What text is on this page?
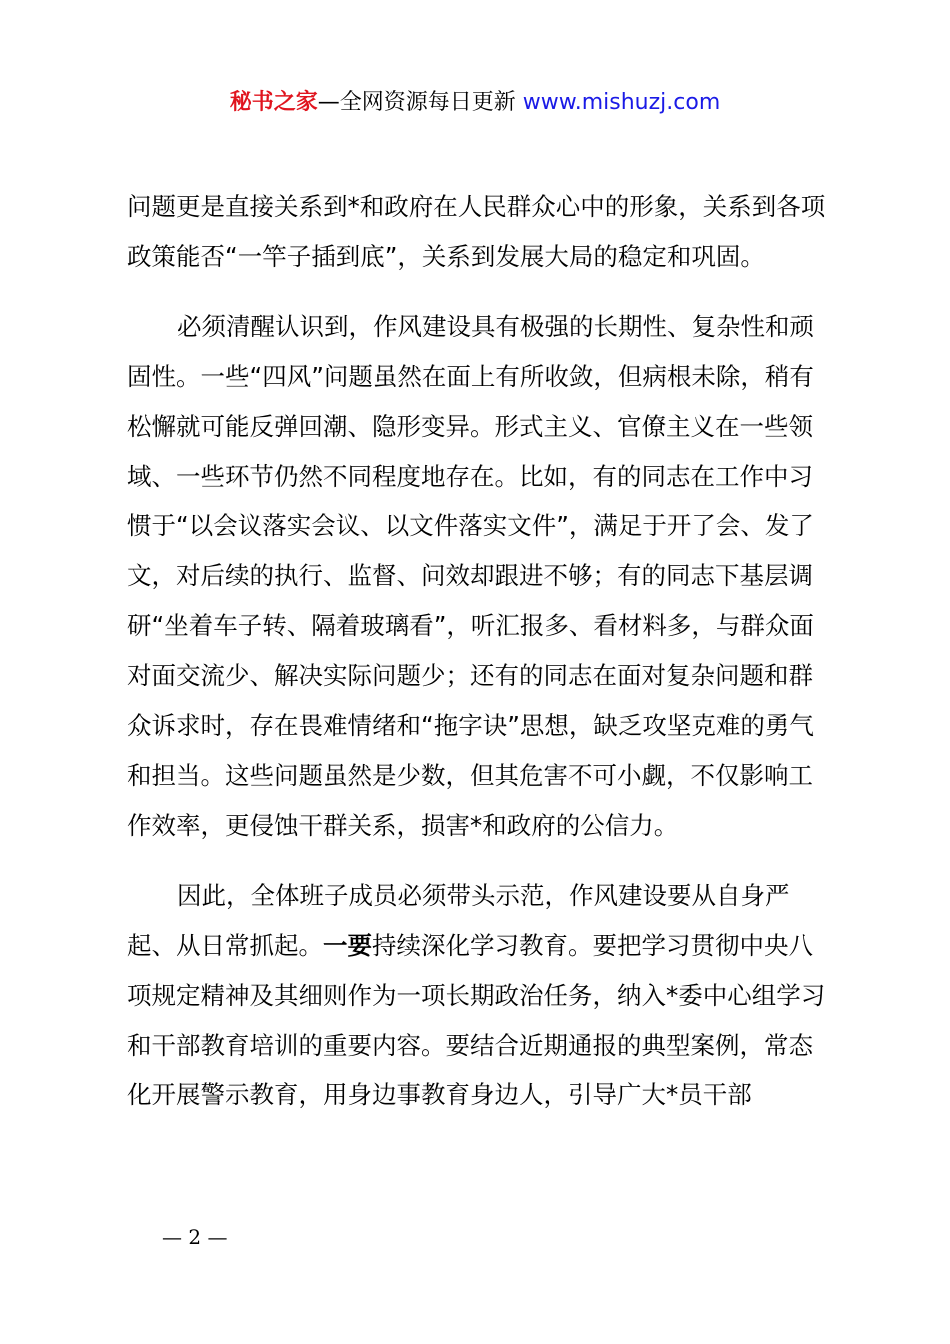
秘书之家—全网资源每日更新 www.mishuzj.com

问题更是直接关系到*和政府在人民群众心中的形象，关系到各项政策能否“一竿子插到底”，关系到发展大局的稳定和巩固。

必须清醒认识到，作风建设具有极强的长期性、复杂性和顽固性。一些“四风”问题虽然在面上有所收敛，但病根未除，稍有松懈就可能反弹回潮、隐形变异。形式主义、官僚主义在一些领域、一些环节仍然不同程度地存在。比如，有的同志在工作中习惯于“以会议落实会议、以文件落实文件”，满足于开了会、发了文，对后续的执行、监督、问效却跟进不够；有的同志下基层调研“坐着车子转、隔着玻璃看”，听汇报多、看材料多，与群众面对面交流少、解决实际问题少；还有的同志在面对复杂问题和群众诉求时，存在畏难情绪和“拖字诀”思想，缺乏攻坚克难的勇气和担当。这些问题虽然是少数，但其危害不可小觑，不仅影响工作效率，更侵蚀干群关系，损害*和政府的公信力。

因此，全体班子成员必须带头示范，作风建设要从自身严起、从日常抓起。一要持续深化学习教育。要把学习贯彻中央八项规定精神及其细则作为一项长期政治任务，纳入*委中心组学习和干部教育培训的重要内容。要结合近期通报的典型案例，常态化开展警示教育，用身边事教育身边人，引导广大*员干部

— 2 —
